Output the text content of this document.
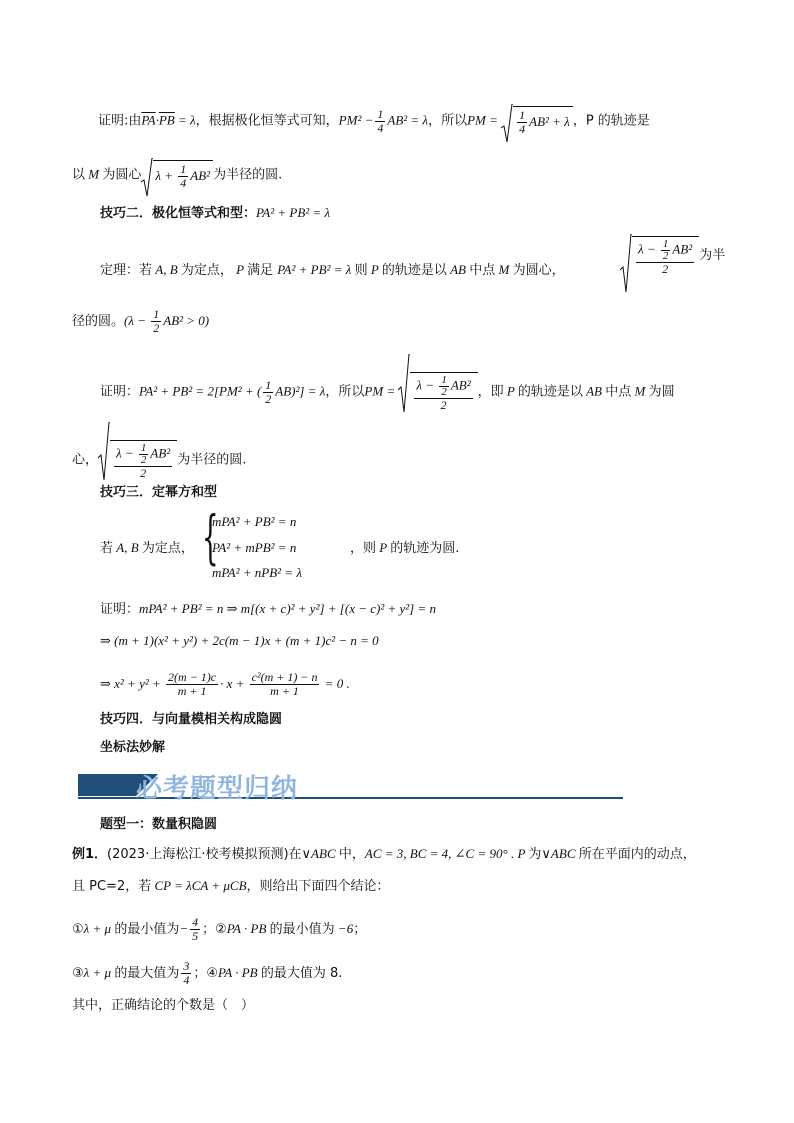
证明:由$\overline{PA}\cdot\overline{PB} = \lambda$，根据极化恒等式可知，$PM^2 - \frac{1}{4} AB^2 = \lambda$，所以PM = $\frac{1}{4} AB^2 + \lambda$ ，P 的轨迹是
以 M 为圆心 $\lambda + \frac{1}{4} AB^2$ 为半径的圆.
技巧二．极化恒等式和型：PA² + PB² = λ
定理：若 A, B 为定点， P 满足 PA² + PB² = λ 则 P 的轨迹是以 AB 中点 M 为圆心，	$\frac{\lambda - \frac{1}{2} AB^2}{2}$ 为半
径的圆。$(\lambda - \frac{1}{2} AB^2 > 0)$
证明：PA² + PB² = 2[PM² + ( $\frac{1}{2} AB)^2] = \lambda$，所以PM = $\frac{\lambda - \frac{1}{2} AB^2}{2}$ ，即 P 的轨迹是以 AB 中点 M 为圆
心， $\frac{\lambda - \frac{1}{2} AB^2}{2}$ 为半径的圆.
技巧三．定幂方和型
若 A, B 为定点， {
mPA² + PB² = n
PA² + mPB² = n
mPA² + nPB² = λ
，则 P 的轨迹为圆.
证明：mPA² + PB² = n ⇒ m[(x + c)² + y²] + [(x − c)² + y²] = n
⇒ (m + 1)(x² + y²) + 2c(m − 1)x + (m + 1)c² − n = 0
⇒ $x^2 + y^2 + \frac{2(m - 1)c}{m + 1} \cdot x + \frac{\text{c²(m + 1) − n}}{m + 1} = 0$ .
技巧四．与向量模相关构成隐圆
坐标法妙解
必考题型归纳
题型一：数量积隐圆
例1．(2023·上海松江·校考模拟预测)在∨ABC 中，AC = 3, BC = 4, ∠C = 90° . P 为∨ABC 所在平面内的动点，
且 PC=2，若 CP = λCA + μCB，则给出下面四个结论：
①λ + μ 的最小值为− $\frac{4}{5}$ ；②PA · PB 的最小值为 −6；
③λ + μ 的最大值为 $\frac{3}{4}$ ；④PA · PB 的最大值为 8.
其中，正确结论的个数是（　）
